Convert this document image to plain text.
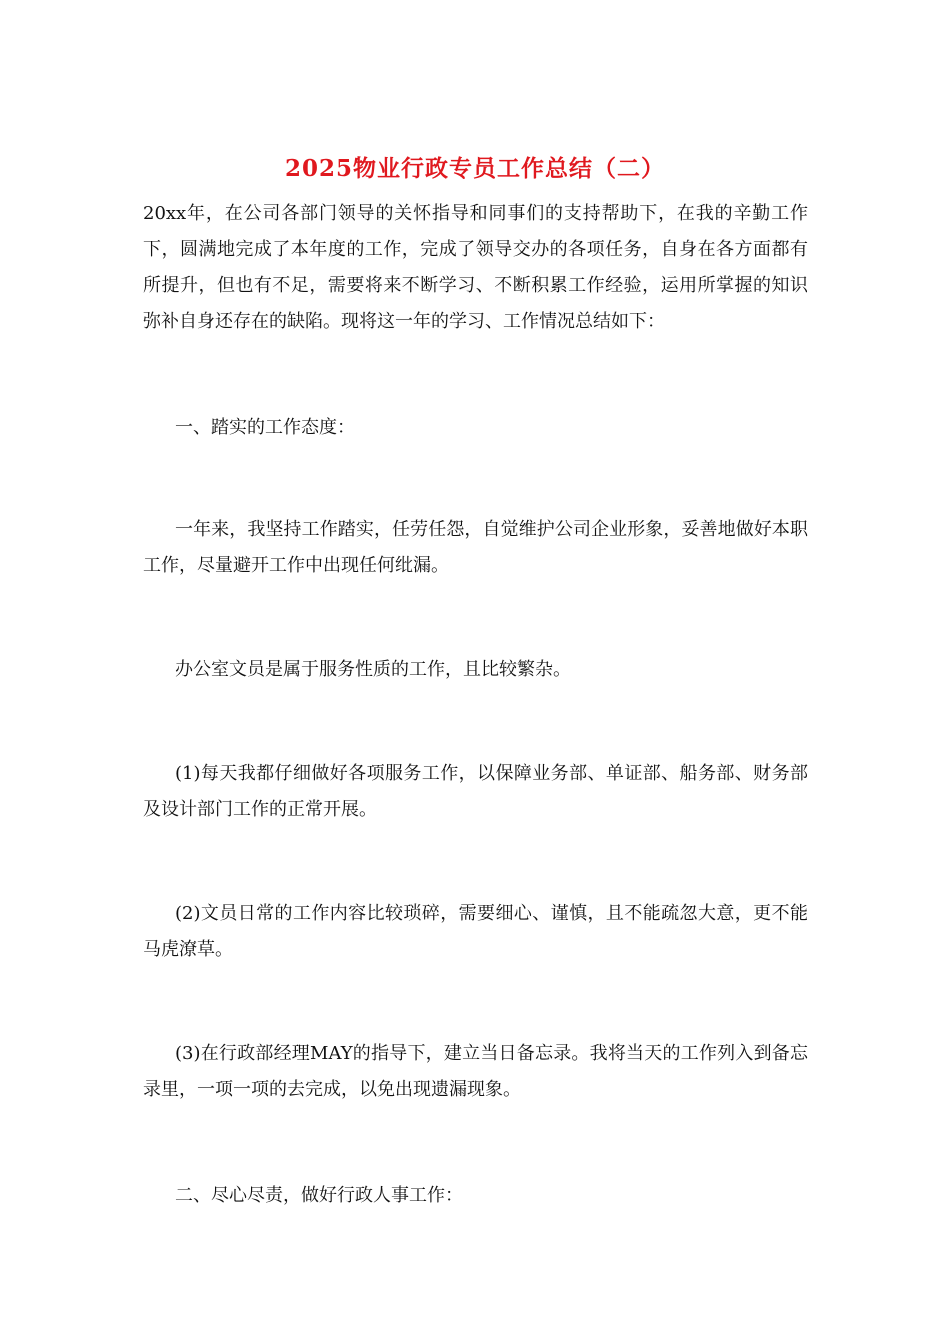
2025物业行政专员工作总结（二）

20xx年，在公司各部门领导的关怀指导和同事们的支持帮助下，在我的辛勤工作下，圆满地完成了本年度的工作，完成了领导交办的各项任务，自身在各方面都有所提升，但也有不足，需要将来不断学习、不断积累工作经验，运用所掌握的知识弥补自身还存在的缺陷。现将这一年的学习、工作情况总结如下：

一、踏实的工作态度：

一年来，我坚持工作踏实，任劳任怨，自觉维护公司企业形象，妥善地做好本职工作，尽量避开工作中出现任何纰漏。

办公室文员是属于服务性质的工作，且比较繁杂。

(1)每天我都仔细做好各项服务工作，以保障业务部、单证部、船务部、财务部及设计部门工作的正常开展。

(2)文员日常的工作内容比较琐碎，需要细心、谨慎，且不能疏忽大意，更不能马虎潦草。

(3)在行政部经理MAY的指导下，建立当日备忘录。我将当天的工作列入到备忘录里，一项一项的去完成，以免出现遗漏现象。

二、尽心尽责，做好行政人事工作：
